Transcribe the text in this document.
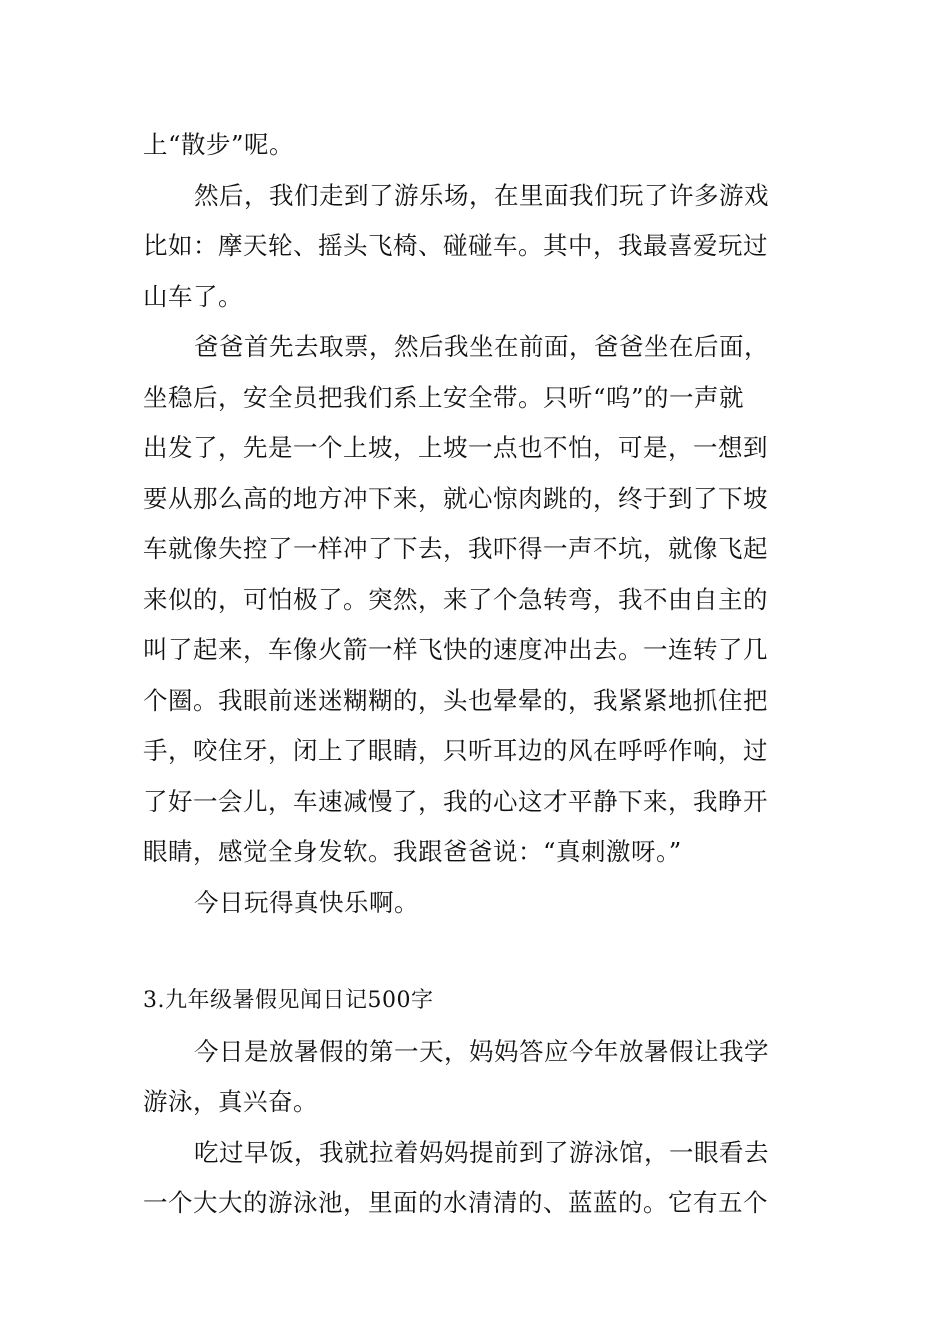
上“散步”呢。

然后，我们走到了游乐场，在里面我们玩了许多游戏
比如：摩天轮、摇头飞椅、碰碰车。其中，我最喜爱玩过
山车了。

爸爸首先去取票，然后我坐在前面，爸爸坐在后面，
坐稳后，安全员把我们系上安全带。只听“呜”的一声就
出发了，先是一个上坡，上坡一点也不怕，可是，一想到
要从那么高的地方冲下来，就心惊肉跳的，终于到了下坡
车就像失控了一样冲了下去，我吓得一声不坑，就像飞起
来似的，可怕极了。突然，来了个急转弯，我不由自主的
叫了起来，车像火箭一样飞快的速度冲出去。一连转了几
个圈。我眼前迷迷糊糊的，头也晕晕的，我紧紧地抓住把
手，咬住牙，闭上了眼睛，只听耳边的风在呼呼作响，过
了好一会儿，车速减慢了，我的心这才平静下来，我睁开
眼睛，感觉全身发软。我跟爸爸说：“真刺激呀。”

今日玩得真快乐啊。

3.九年级暑假见闻日记500字

今日是放暑假的第一天，妈妈答应今年放暑假让我学
游泳，真兴奋。

吃过早饭，我就拉着妈妈提前到了游泳馆，一眼看去
一个大大的游泳池，里面的水清清的、蓝蓝的。它有五个
